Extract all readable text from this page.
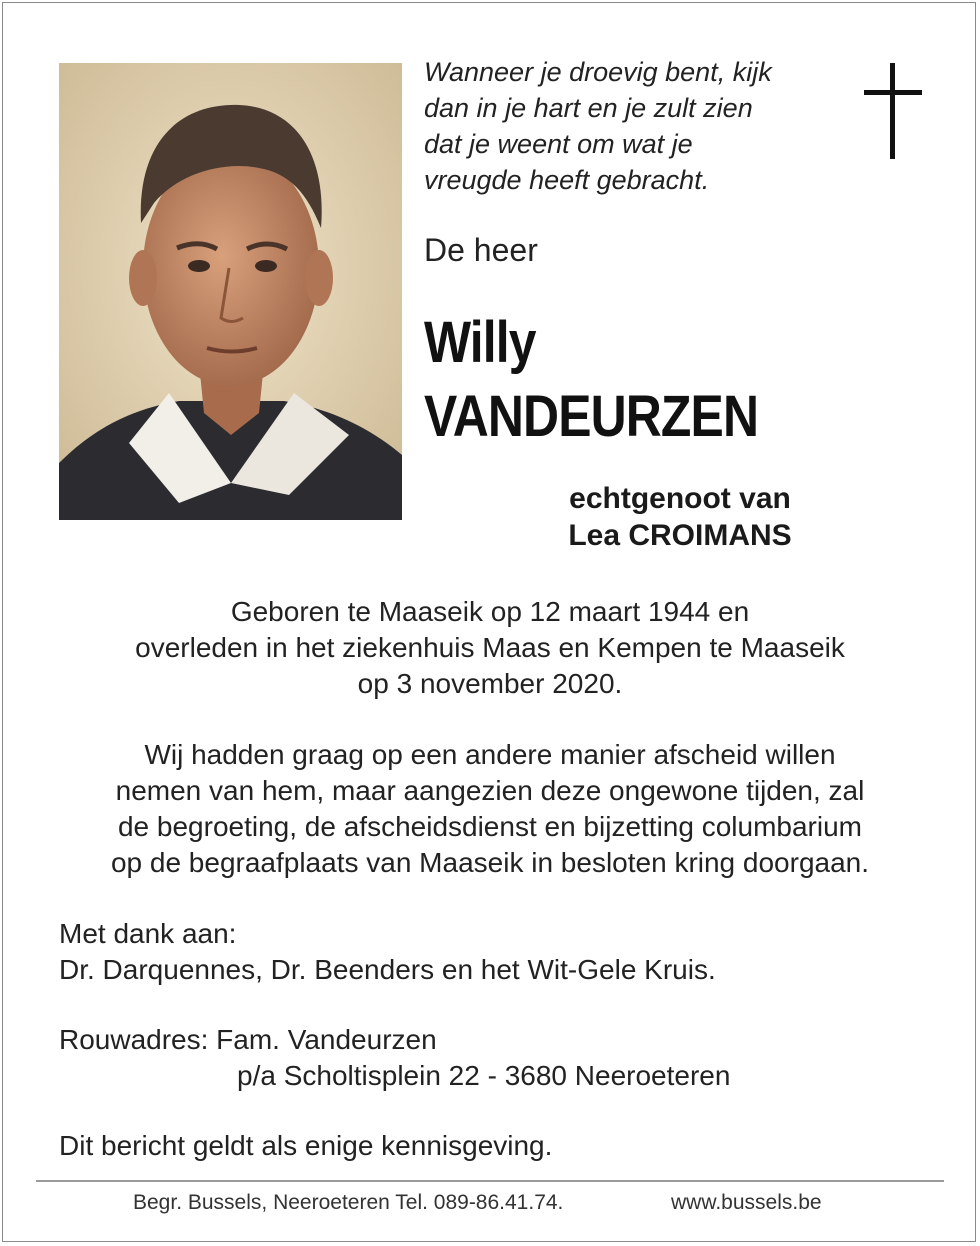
Wanneer je droevig bent, kijk
dan in je hart en je zult zien
dat je weent om wat je
vreugde heeft gebracht.
De heer
Willy
VANDEURZEN
echtgenoot van
Lea CROIMANS
Geboren te Maaseik op 12 maart 1944 en
overleden in het ziekenhuis Maas en Kempen te Maaseik
op 3 november 2020.
Wij hadden graag op een andere manier afscheid willen
nemen van hem, maar aangezien deze ongewone tijden, zal
de begroeting, de afscheidsdienst en bijzetting columbarium
op de begraafplaats van Maaseik in besloten kring doorgaan.
Met dank aan:
Dr. Darquennes, Dr. Beenders en het Wit-Gele Kruis.
Rouwadres: Fam. Vandeurzen
p/a Scholtisplein 22 - 3680 Neeroeteren
Dit bericht geldt als enige kennisgeving.
Begr. Bussels, Neeroeteren Tel. 089-86.41.74.	www.bussels.be
